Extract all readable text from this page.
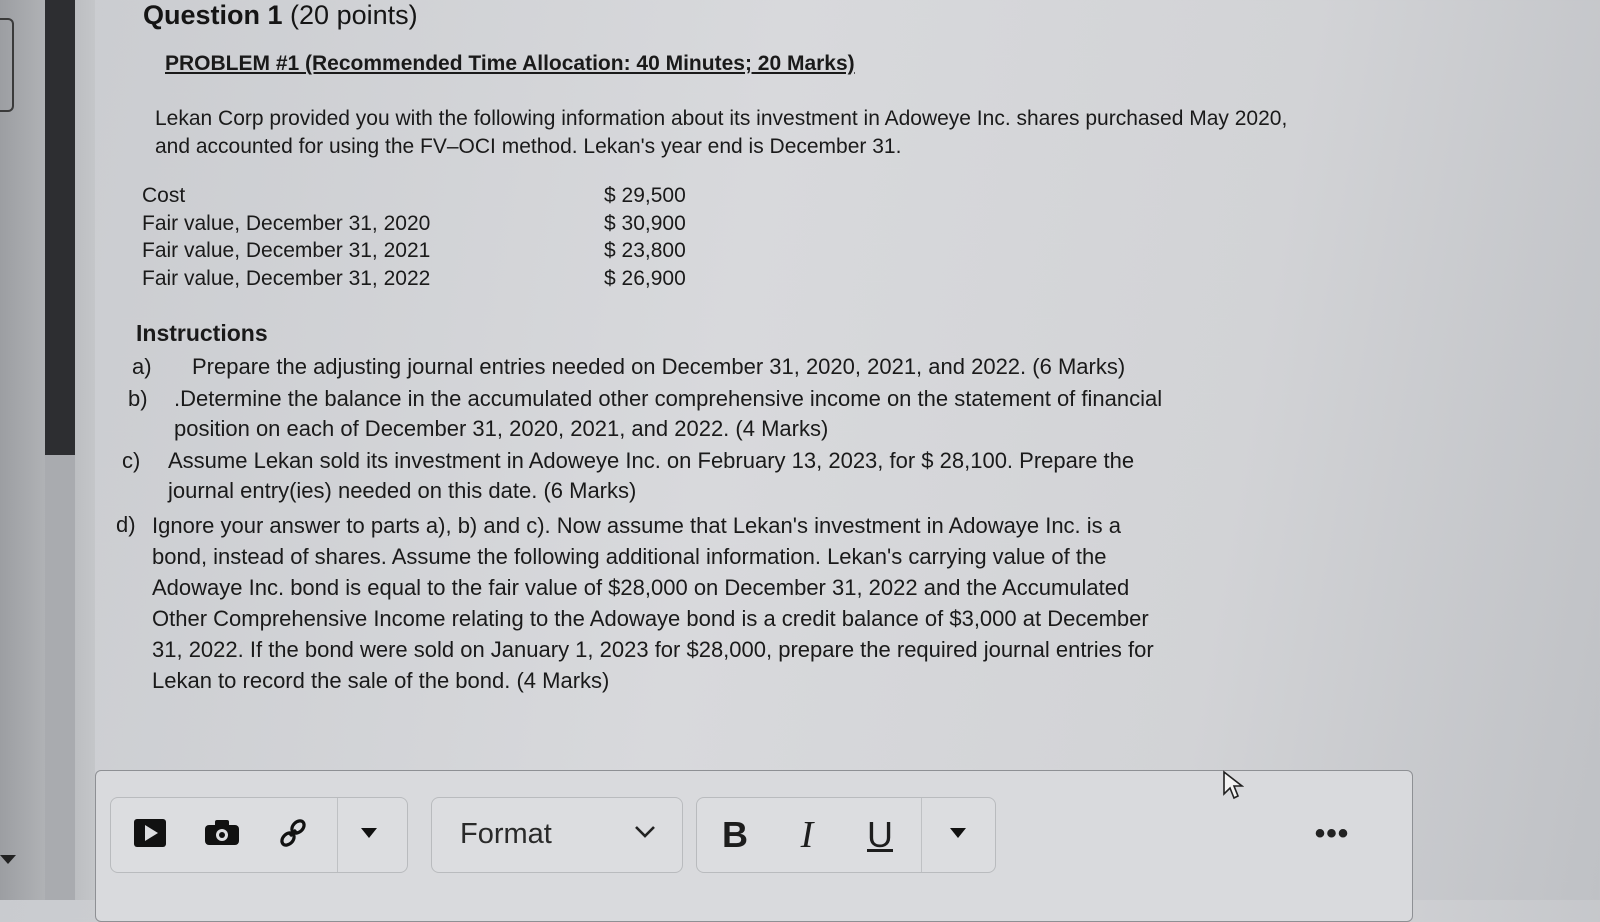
Question 1 (20 points)
PROBLEM #1 (Recommended Time Allocation: 40 Minutes; 20 Marks)
Lekan Corp provided you with the following information about its investment in Adoweye Inc. shares purchased May 2020, and accounted for using the FV–OCI method. Lekan's year end is December 31.
Cost	$ 29,500
Fair value, December 31, 2020	$ 30,900
Fair value, December 31, 2021	$ 23,800
Fair value, December 31, 2022	$ 26,900
Instructions
a) Prepare the adjusting journal entries needed on December 31, 2020, 2021, and 2022. (6 Marks)
b) .Determine the balance in the accumulated other comprehensive income on the statement of financial
position on each of December 31, 2020, 2021, and 2022. (4 Marks)
c) Assume Lekan sold its investment in Adoweye Inc. on February 13, 2023, for $ 28,100. Prepare the
journal entry(ies) needed on this date. (6 Marks)
d) Ignore your answer to parts a), b) and c). Now assume that Lekan's investment in Adowaye Inc. is a
bond, instead of shares. Assume the following additional information. Lekan's carrying value of the
Adowaye Inc. bond is equal to the fair value of $28,000 on December 31, 2022 and the Accumulated
Other Comprehensive Income relating to the Adowaye bond is a credit balance of $3,000 at December
31, 2022. If the bond were sold on January 1, 2023 for $28,000, prepare the required journal entries for
Lekan to record the sale of the bond. (4 Marks)
Format	B	I	U	•••
